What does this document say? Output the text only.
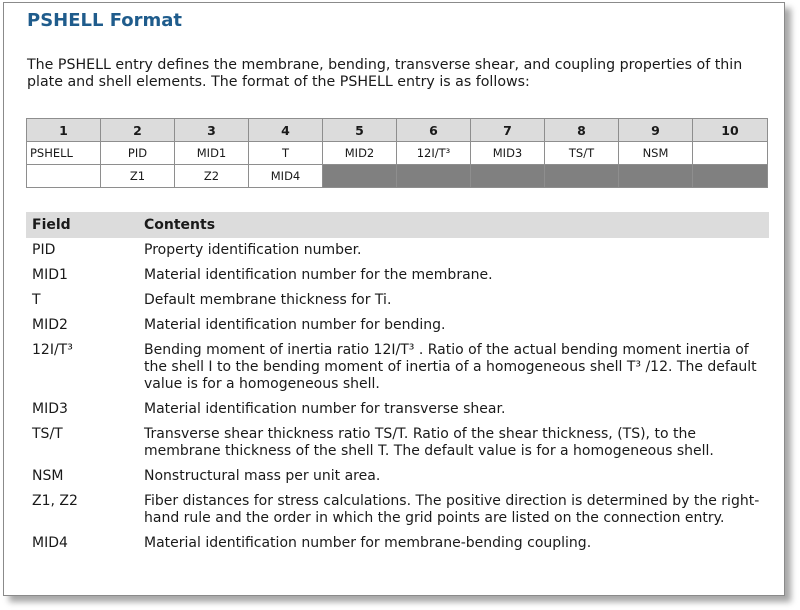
PSHELL Format
The PSHELL entry defines the membrane, bending, transverse shear, and coupling properties of thin plate and shell elements. The format of the PSHELL entry is as follows:
1	2	3	4	5	6	7	8	9	10
PSHELL	PID	MID1	T	MID2	12I/T³	MID3	TS/T	NSM	
	Z1	Z2	MID4						
Field	Contents
PID	Property identification number.
MID1	Material identification number for the membrane.
T	Default membrane thickness for Ti.
MID2	Material identification number for bending.
12I/T³	Bending moment of inertia ratio 12I/T³ . Ratio of the actual bending moment inertia of the shell I to the bending moment of inertia of a homogeneous shell T³ /12. The default value is for a homogeneous shell.
MID3	Material identification number for transverse shear.
TS/T	Transverse shear thickness ratio TS/T. Ratio of the shear thickness, (TS), to the membrane thickness of the shell T. The default value is for a homogeneous shell.
NSM	Nonstructural mass per unit area.
Z1, Z2	Fiber distances for stress calculations. The positive direction is determined by the right-hand rule and the order in which the grid points are listed on the connection entry.
MID4	Material identification number for membrane-bending coupling.
